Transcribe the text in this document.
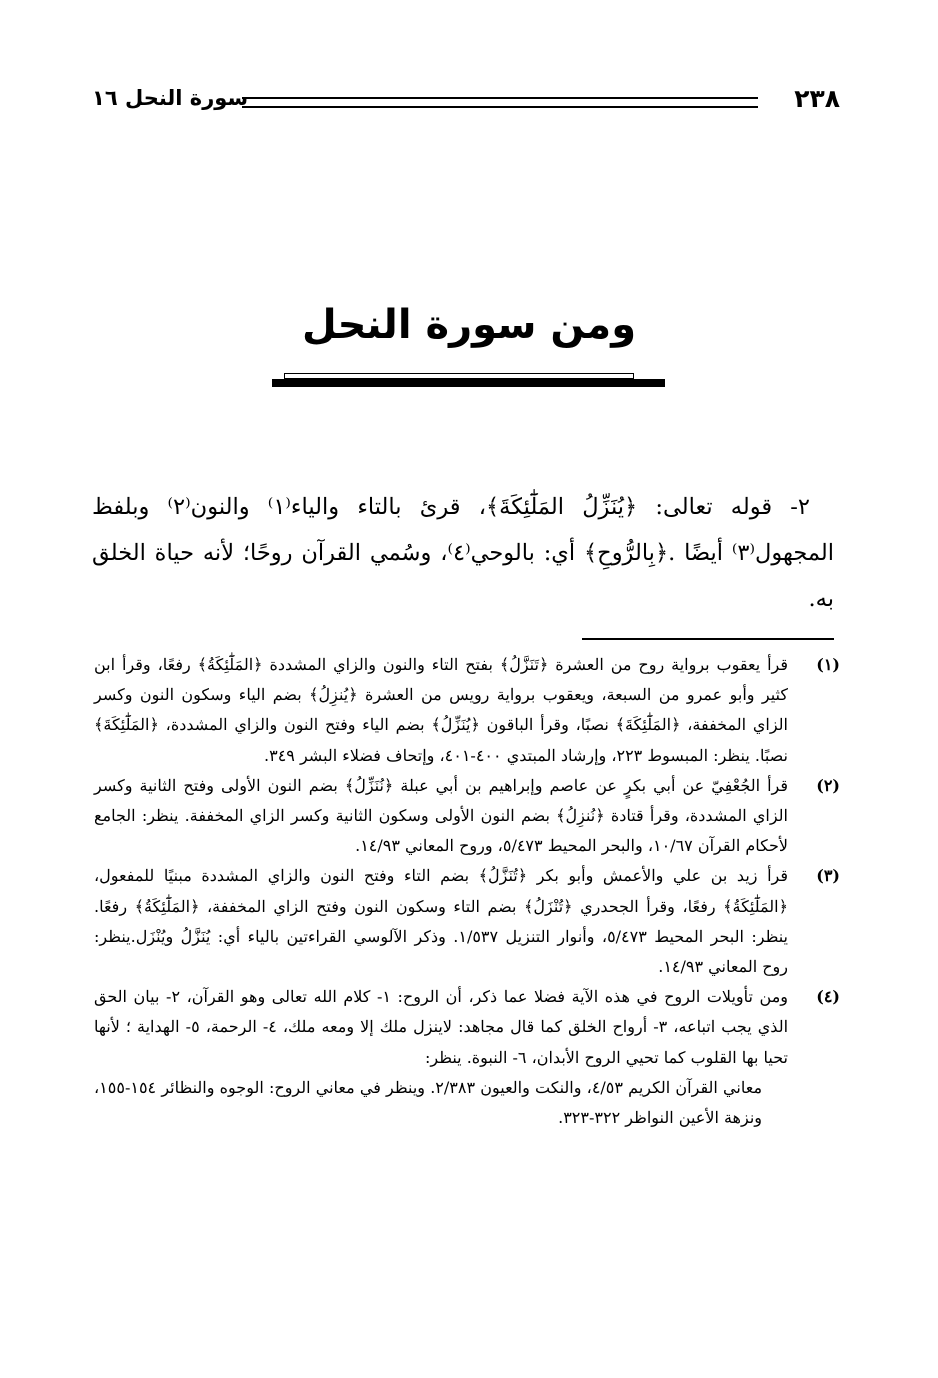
٢٣٨
سورة النحل ١٦
ومن سورة النحل

٢- قوله تعالى: ﴿يُنَزِّلُ المَلَٰٓئِكَةَ﴾، قرئ بالتاء والياء⁽١⁾ والنون⁽٢⁾ وبلفظ المجهول⁽٣⁾ أيضًا .﴿بِالرُّوحِ﴾ أي: بالوحي⁽٤⁾، وسُمي القرآن روحًا؛ لأنه حياة الخلق به.

(١)
قرأ يعقوب برواية روح من العشرة ﴿تَنَزَّلُ﴾ بفتح التاء والنون والزاي المشددة ﴿المَلَٰٓئِكَةُ﴾ رفعًا، وقرأ ابن كثير وأبو عمرو من السبعة، ويعقوب برواية رويس من العشرة ﴿يُنزِلُ﴾ بضم الياء وسكون النون وكسر الزاي المخففة، ﴿المَلَٰٓئِكَةَ﴾ نصبًا، وقرأ الباقون ﴿يُنَزِّلُ﴾ بضم الياء وفتح النون والزاي المشددة، ﴿المَلَٰٓئِكَةَ﴾ نصبًا. ينظر: المبسوط ٢٢٣، وإرشاد المبتدي ٤٠٠-٤٠١، وإتحاف فضلاء البشر ٣٤٩.
(٢)
قرأ الجُعْفِيّ عن أبي بكرٍ عن عاصم وإبراهيم بن أبي عبلة ﴿نُنَزِّلُ﴾ بضم النون الأولى وفتح الثانية وكسر الزاي المشددة، وقرأ قتادة ﴿نُنزِلُ﴾ بضم النون الأولى وسكون الثانية وكسر الزاي المخففة. ينظر: الجامع لأحكام القرآن ١٠/٦٧، والبحر المحيط ٥/٤٧٣، وروح المعاني ١٤/٩٣.
(٣)
قرأ زيد بن علي والأعمش وأبو بكر ﴿تُنَزَّلُ﴾ بضم التاء وفتح النون والزاي المشددة مبنيًا للمفعول، ﴿المَلَٰٓئِكَةُ﴾ رفعًا، وقرأ الجحدري ﴿تُنْزَلُ﴾ بضم التاء وسكون النون وفتح الزاي المخففة، ﴿المَلَٰٓئِكَةُ﴾ رفعًا. ينظر: البحر المحيط ٥/٤٧٣، وأنوار التنزيل ١/٥٣٧. وذكر الآلوسي القراءتين بالياء أي: يُنَزَّلُ ويُنْزَل.ينظر: روح المعاني ١٤/٩٣.
(٤)
ومن تأويلات الروح في هذه الآية فضلا عما ذكر، أن الروح: ١- كلام الله تعالى وهو القرآن، ٢- بيان الحق الذي يجب اتباعه، ٣- أرواح الخلق كما قال مجاهد: لاينزل ملك إلا ومعه ملك، ٤- الرحمة، ٥- الهداية ؛ لأنها تحيا بها القلوب كما تحيي الروح الأبدان، ٦- النبوة. ينظر:
معاني القرآن الكريم ٤/٥٣، والنكت والعيون ٢/٣٨٣. وينظر في معاني الروح: الوجوه والنظائر ١٥٤-١٥٥، ونزهة الأعين النواظر ٣٢٢-٣٢٣.
